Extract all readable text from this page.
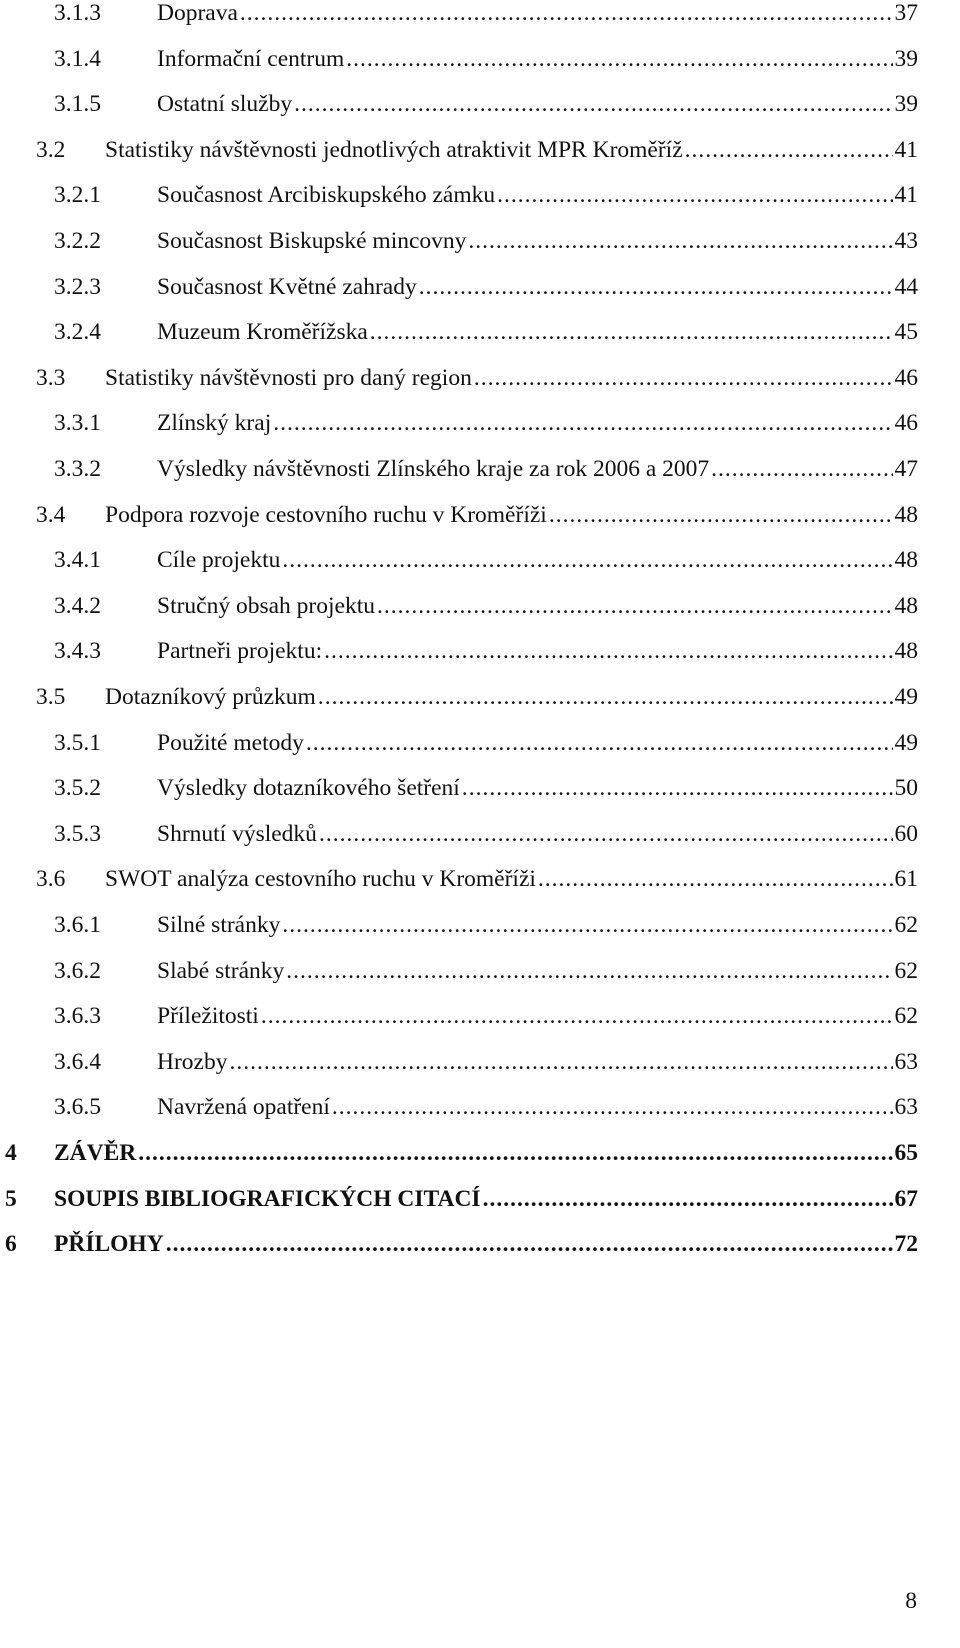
3.1.3 Doprava .....	37
3.1.4 Informační centrum .....	39
3.1.5 Ostatní služby .....	39
3.2 Statistiky návštěvnosti jednotlivých atraktivit MPR Kroměříž .....	41
3.2.1 Současnost Arcibiskupského zámku .....	41
3.2.2 Současnost Biskupské mincovny .....	43
3.2.3 Současnost Květné zahrady .....	44
3.2.4 Muzeum Kroměřížska .....	45
3.3 Statistiky návštěvnosti pro daný region .....	46
3.3.1 Zlínský kraj .....	46
3.3.2 Výsledky návštěvnosti Zlínského kraje za rok 2006 a 2007 .....	47
3.4 Podpora rozvoje cestovního ruchu v Kroměříži .....	48
3.4.1 Cíle projektu .....	48
3.4.2 Stručný obsah projektu .....	48
3.4.3 Partneři projektu: .....	48
3.5 Dotazníkový průzkum .....	49
3.5.1 Použité metody .....	49
3.5.2 Výsledky dotazníkového šetření .....	50
3.5.3 Shrnutí výsledků .....	60
3.6 SWOT analýza cestovního ruchu v Kroměříži .....	61
3.6.1 Silné stránky .....	62
3.6.2 Slabé stránky .....	62
3.6.3 Příležitosti .....	62
3.6.4 Hrozby .....	63
3.6.5 Navržená opatření .....	63
4 ZÁVĚR .....	65
5 SOUPIS BIBLIOGRAFICKÝCH CITACÍ .....	67
6 PŘÍLOHY .....	72
8
